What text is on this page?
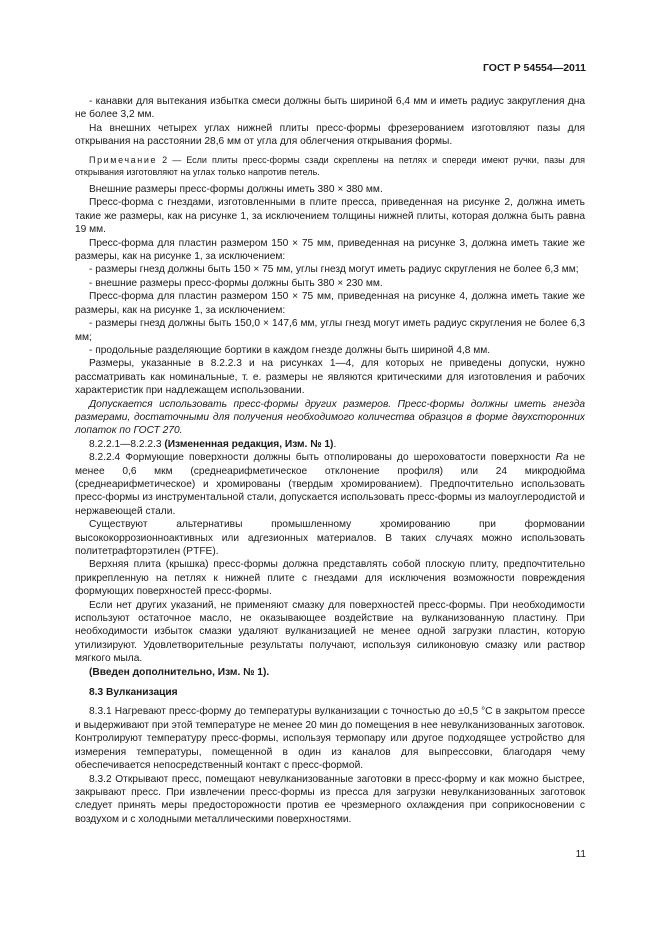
ГОСТ Р 54554—2011

- канавки для вытекания избытка смеси должны быть шириной 6,4 мм и иметь радиус закругления дна не более 3,2 мм.

На внешних четырех углах нижней плиты пресс-формы фрезерованием изготовляют пазы для открывания на расстоянии 28,6 мм от угла для облегчения открывания формы.

Примечание 2 — Если плиты пресс-формы сзади скреплены на петлях и спереди имеют ручки, пазы для открывания изготовляют на углах только напротив петель.

Внешние размеры пресс-формы должны иметь 380 × 380 мм.

Пресс-форма с гнездами, изготовленными в плите пресса, приведенная на рисунке 2, должна иметь такие же размеры, как на рисунке 1, за исключением толщины нижней плиты, которая должна быть равна 19 мм.

Пресс-форма для пластин размером 150 × 75 мм, приведенная на рисунке 3, должна иметь такие же размеры, как на рисунке 1, за исключением:

- размеры гнезд должны быть 150 × 75 мм, углы гнезд могут иметь радиус скругления не более 6,3 мм;

- внешние размеры пресс-формы должны быть 380 × 230 мм.

Пресс-форма для пластин размером 150 × 75 мм, приведенная на рисунке 4, должна иметь такие же размеры, как на рисунке 1, за исключением:

- размеры гнезд должны быть 150,0 × 147,6 мм, углы гнезд могут иметь радиус скругления не более 6,3 мм;

- продольные разделяющие бортики в каждом гнезде должны быть шириной 4,8 мм.

Размеры, указанные в 8.2.2.3 и на рисунках 1—4, для которых не приведены допуски, нужно рассматривать как номинальные, т. е. размеры не являются критическими для изготовления и рабочих характеристик при надлежащем использовании.

Допускается использовать пресс-формы других размеров. Пресс-формы должны иметь гнезда размерами, достаточными для получения необходимого количества образцов в форме двухсторонних лопаток по ГОСТ 270.

8.2.2.1—8.2.2.3 (Измененная редакция, Изм. № 1).

8.2.2.4 Формующие поверхности должны быть отполированы до шероховатости поверхности Ra не менее 0,6 мкм (среднеарифметическое отклонение профиля) или 24 микродюйма (среднеарифметическое) и хромированы (твердым хромированием). Предпочтительно использовать пресс-формы из инструментальной стали, допускается использовать пресс-формы из малоуглеродистой и нержавеющей стали.

Существуют альтернативы промышленному хромированию при формовании высококоррозионноактивных или адгезионных материалов. В таких случаях можно использовать политетрафторэтилен (PTFE).

Верхняя плита (крышка) пресс-формы должна представлять собой плоскую плиту, предпочтительно прикрепленную на петлях к нижней плите с гнездами для исключения возможности повреждения формующих поверхностей пресс-формы.

Если нет других указаний, не применяют смазку для поверхностей пресс-формы. При необходимости используют остаточное масло, не оказывающее воздействие на вулканизованную пластину. При необходимости избыток смазки удаляют вулканизацией не менее одной загрузки пластин, которую утилизируют. Удовлетворительные результаты получают, используя силиконовую смазку или раствор мягкого мыла.

(Введен дополнительно, Изм. № 1).

8.3 Вулканизация

8.3.1 Нагревают пресс-форму до температуры вулканизации с точностью до ±0,5 °С в закрытом прессе и выдерживают при этой температуре не менее 20 мин до помещения в нее невулканизованных заготовок. Контролируют температуру пресс-формы, используя термопару или другое подходящее устройство для измерения температуры, помещенной в один из каналов для выпрессовки, благодаря чему обеспечивается непосредственный контакт с пресс-формой.

8.3.2 Открывают пресс, помещают невулканизованные заготовки в пресс-форму и как можно быстрее, закрывают пресс. При извлечении пресс-формы из пресса для загрузки невулканизованных заготовок следует принять меры предосторожности против ее чрезмерного охлаждения при соприкосновении с воздухом и с холодными металлическими поверхностями.

11
